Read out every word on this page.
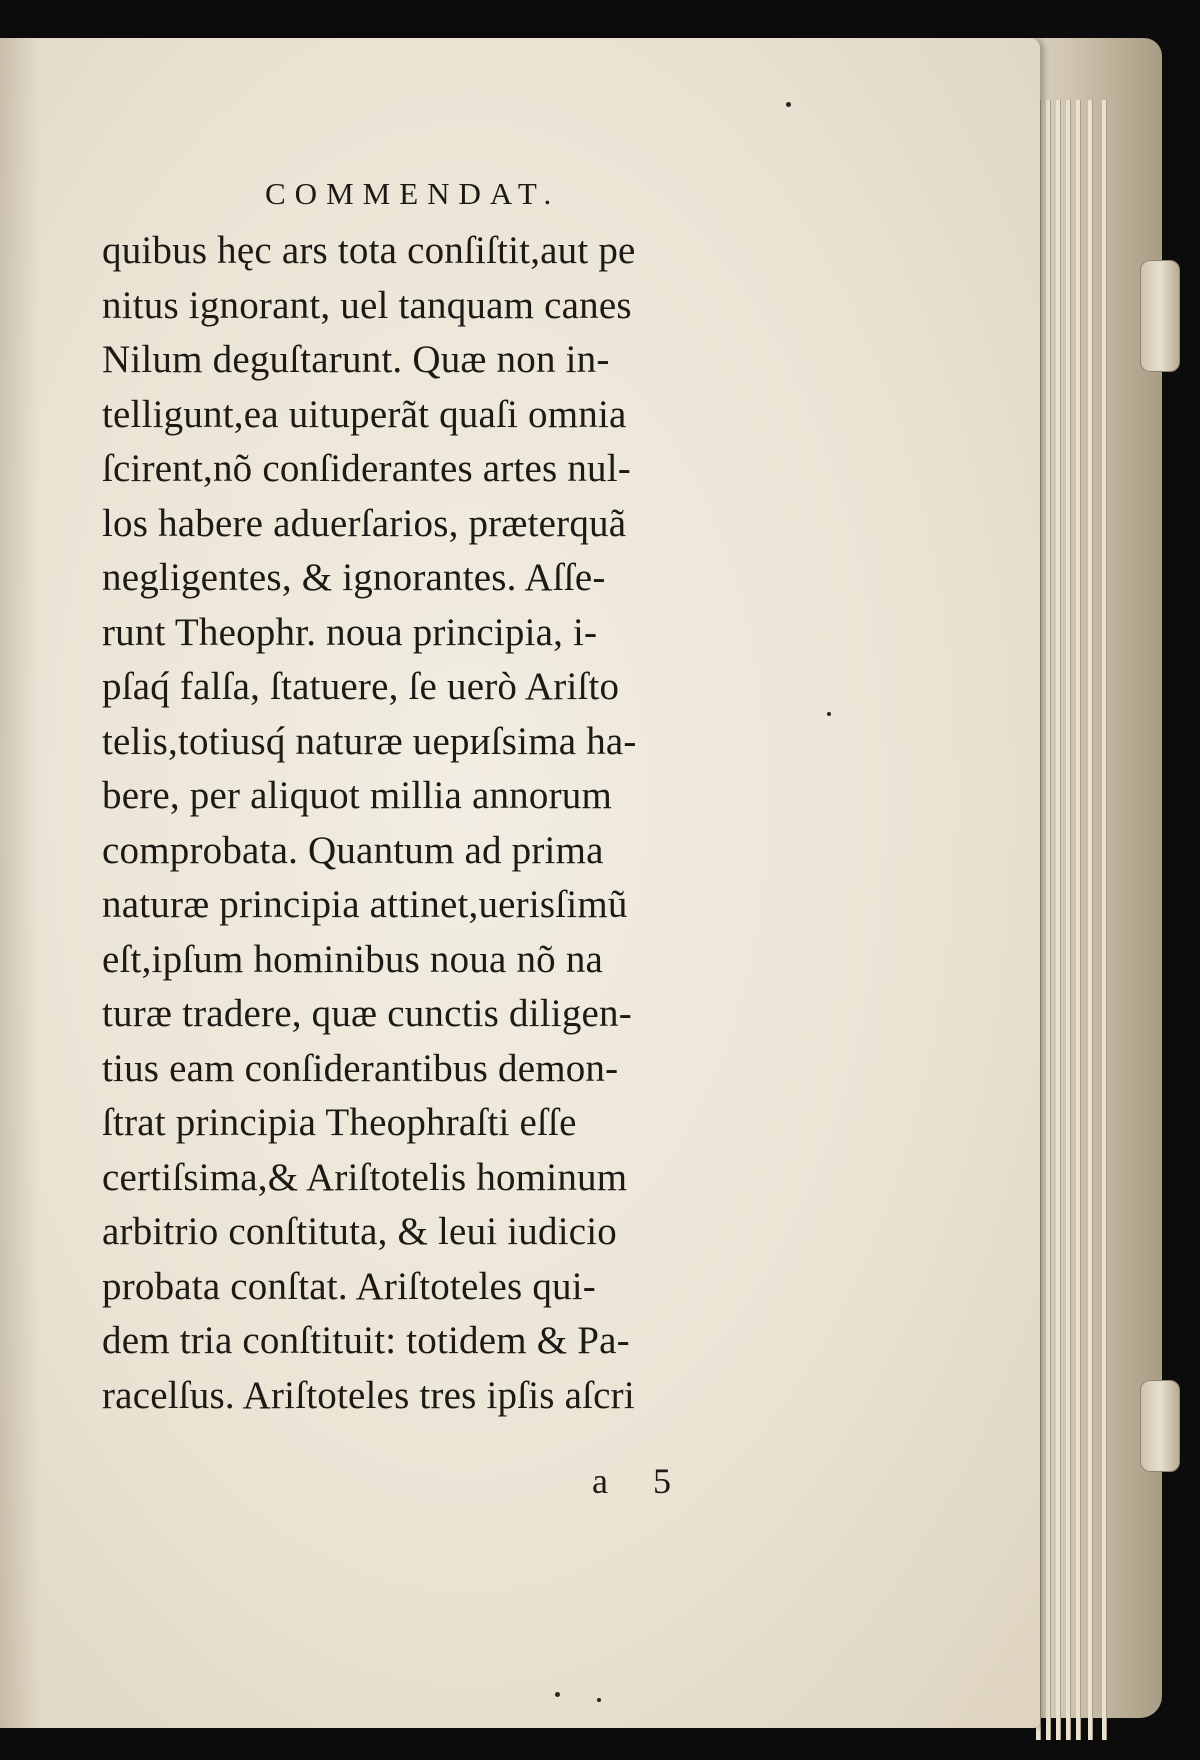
COMMENDAT.
quibus hęc ars tota conſiſtit,aut pe
nitus ignorant, uel tanquam canes
Nilum deguſtarunt. Quæ non in-
telligunt,ea uituperãt quaſi omnia
ſcirent,nõ conſiderantes artes nul-
los habere aduerſarios, præterquã
negligentes, & ignorantes. Aſſe-
runt Theophr. noua principia, i-
pſaq́ falſa, ſtatuere, ſe uerò Ariſto
telis,totiusq́ naturæ uериſsima ha-
bere, per aliquot millia annorum
comprobata. Quantum ad prima
naturæ principia attinet,uerisſimũ
eſt,ipſum hominibus noua nõ na
turæ tradere, quæ cunctis diligen-
tius eam conſiderantibus demon-
ſtrat principia Theophraſti eſſe
certiſsima,& Ariſtotelis hominum
arbitrio conſtituta, & leui iudicio
probata conſtat. Ariſtoteles qui-
dem tria conſtituit: totidem & Pa-
racelſus. Ariſtoteles tres ipſis aſcri
a 5
